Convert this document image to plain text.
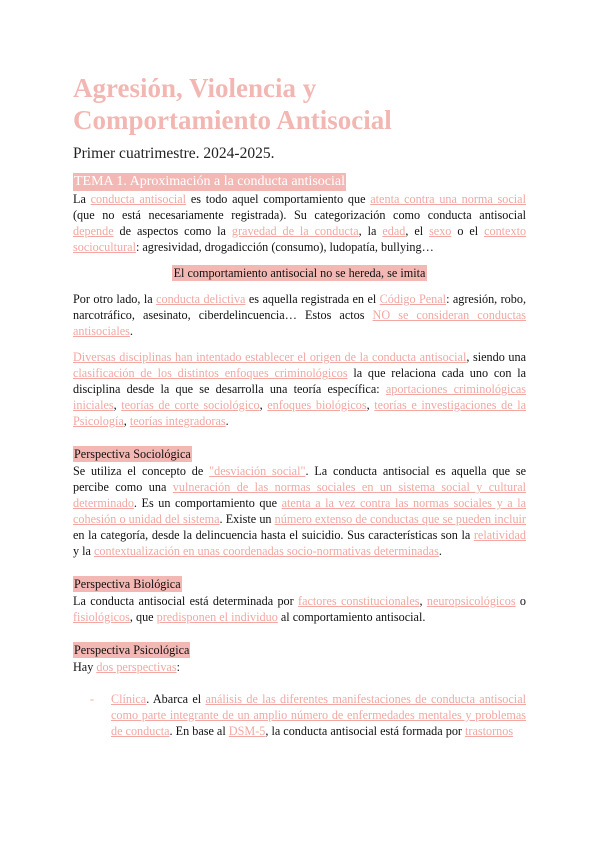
Agresión, Violencia y
Comportamiento Antisocial
Primer cuatrimestre. 2024-2025.
TEMA 1. Aproximación a la conducta antisocial

La conducta antisocial es todo aquel comportamiento que atenta contra una norma social (que no está necesariamente registrada). Su categorización como conducta antisocial depende de aspectos como la gravedad de la conducta, la edad, el sexo o el contexto sociocultural: agresividad, drogadicción (consumo), ludopatía, bullying…

El comportamiento antisocial no se hereda, se imita

Por otro lado, la conducta delictiva es aquella registrada en el Código Penal: agresión, robo, narcotráfico, asesinato, ciberdelincuencia… Estos actos NO se consideran conductas antisociales.

Diversas disciplinas han intentado establecer el origen de la conducta antisocial, siendo una clasificación de los distintos enfoques criminológicos la que relaciona cada uno con la disciplina desde la que se desarrolla una teoría específica: aportaciones criminológicas iniciales, teorías de corte sociológico, enfoques biológicos, teorías e investigaciones de la Psicología, teorías integradoras.

Perspectiva Sociológica

Se utiliza el concepto de "desviación social". La conducta antisocial es aquella que se percibe como una vulneración de las normas sociales en un sistema social y cultural determinado. Es un comportamiento que atenta a la vez contra las normas sociales y a la cohesión o unidad del sistema. Existe un número extenso de conductas que se pueden incluir en la categoría, desde la delincuencia hasta el suicidio. Sus características son la relatividad y la contextualización en unas coordenadas socio-normativas determinadas.

Perspectiva Biológica

La conducta antisocial está determinada por factores constitucionales, neuropsicológicos o fisiológicos, que predisponen el individuo al comportamiento antisocial.

Perspectiva Psicológica

Hay dos perspectivas:

- Clínica. Abarca el análisis de las diferentes manifestaciones de conducta antisocial como parte integrante de un amplio número de enfermedades mentales y problemas de conducta. En base al DSM-5, la conducta antisocial está formada por trastornos
